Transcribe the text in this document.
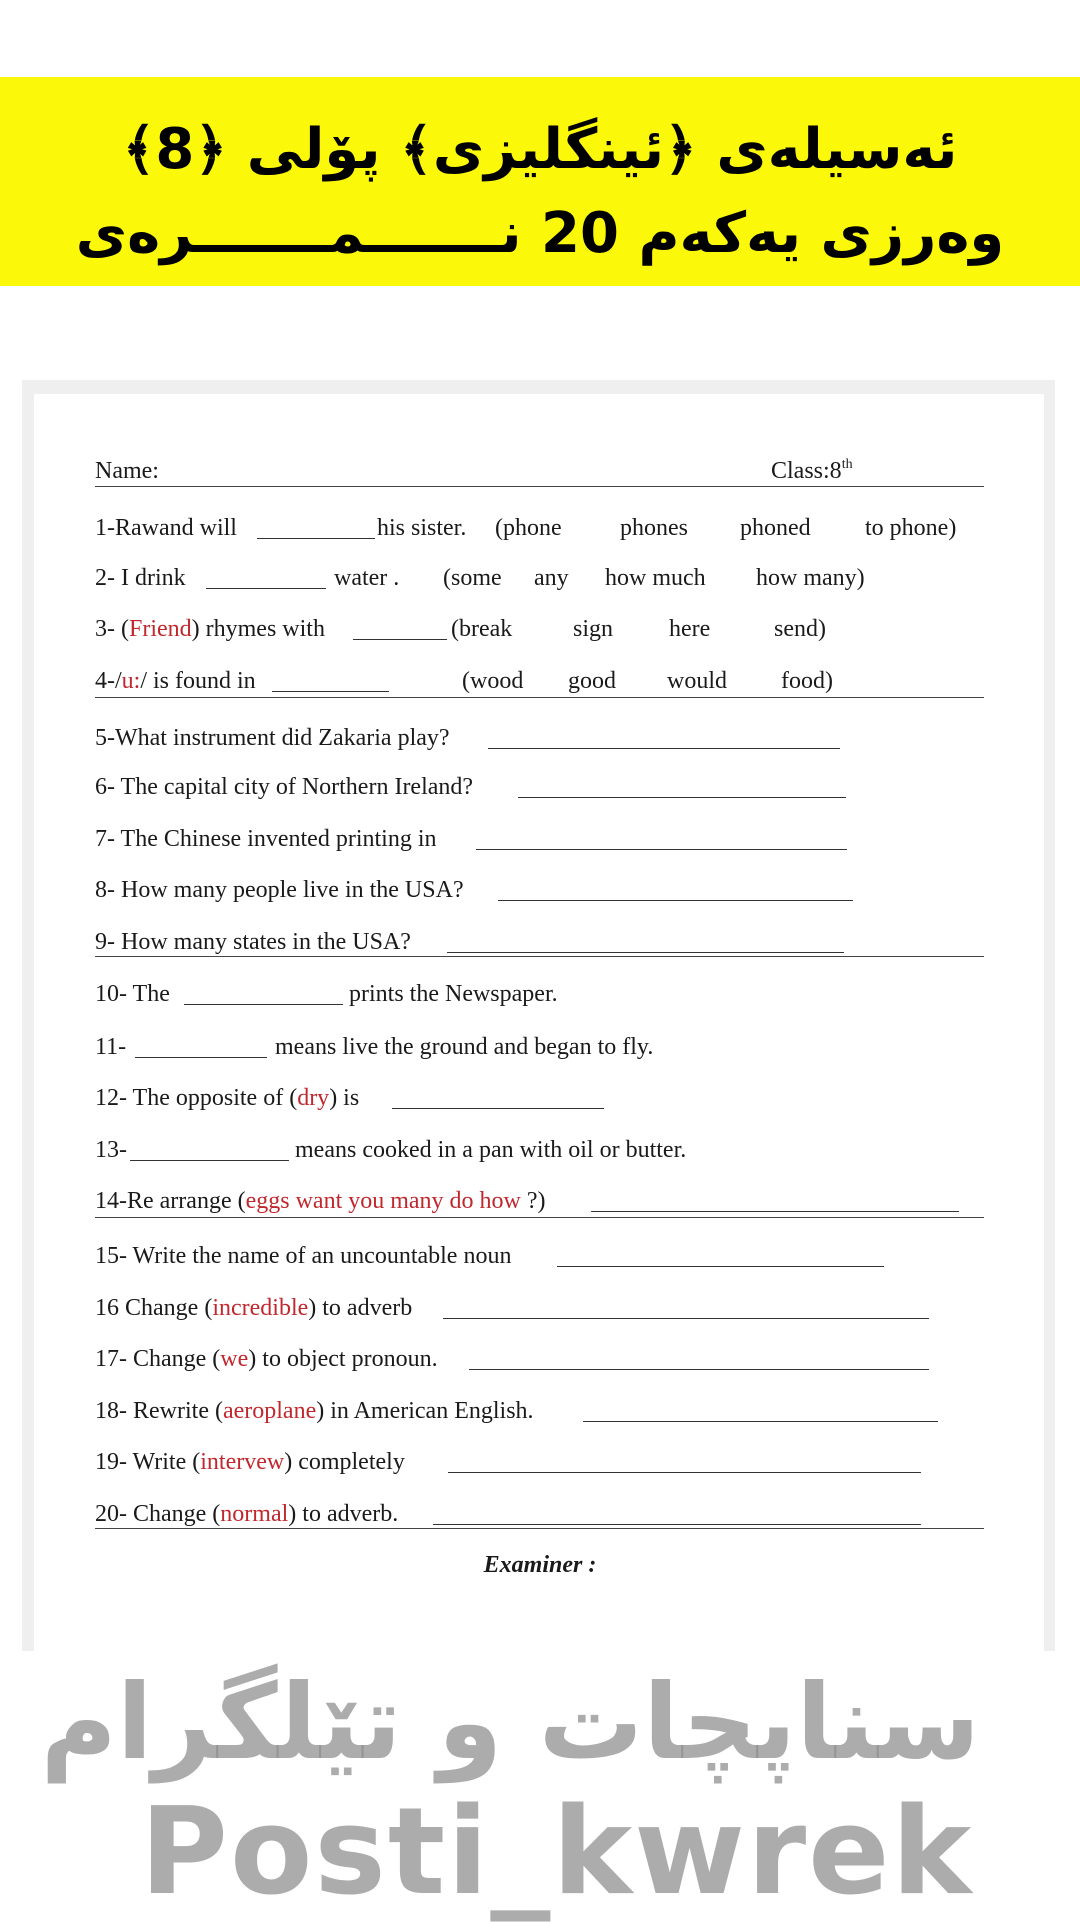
ئەسیلەی ﴿ئینگلیزی﴾ پۆلی ﴿8﴾
وەرزی یەکەم 20 نـــــــمـــــــرەی
Name:	Class:8th
1-Rawand will	his sister. (phone phones phoned to phone)
2- I drink	water . (some any how much how many)
3- (Friend) rhymes with	(break	sign here	send)
4-/u:/ is found in	(wood good would food)
5-What instrument did Zakaria play?
6- The capital city of Northern Ireland?
7- The Chinese invented printing in
8- How many people live in the USA?
9- How many states in the USA?
10- The	prints the Newspaper.
11-	means live the ground and began to fly.
12- The opposite of (dry) is
13-	means cooked in a pan with oil or butter.
14-Re arrange (eggs want you many do how ?)
15- Write the name of an uncountable noun
16 Change (incredible) to adverb
17- Change (we) to object pronoun.
18- Rewrite (aeroplane) in American English.
19- Write (intervew) completely
20- Change (normal) to adverb.
Examiner :
سناپچات و تێلگرام
Posti_kwrek
